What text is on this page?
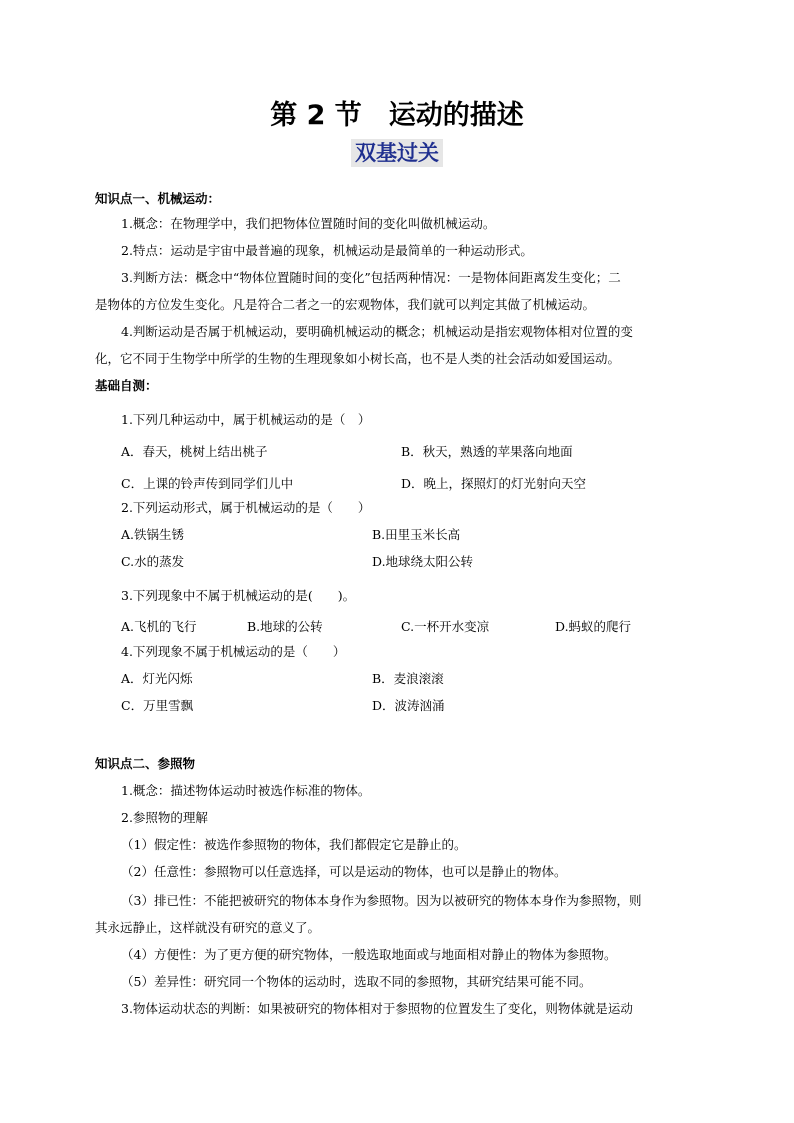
第 2 节　运动的描述
双基过关
知识点一、机械运动：
1.概念：在物理学中，我们把物体位置随时间的变化叫做机械运动。
2.特点：运动是宇宙中最普遍的现象，机械运动是最简单的一种运动形式。
3.判断方法：概念中“物体位置随时间的变化”包括两种情况：一是物体间距离发生变化；二
是物体的方位发生变化。凡是符合二者之一的宏观物体，我们就可以判定其做了机械运动。
4.判断运动是否属于机械运动，要明确机械运动的概念；机械运动是指宏观物体相对位置的变
化，它不同于生物学中所学的生物的生理现象如小树长高，也不是人类的社会活动如爱国运动。
基础自测：
1.下列几种运动中，属于机械运动的是（　）
A．春天，桃树上结出桃子	B．秋天，熟透的苹果落向地面
C．上课的铃声传到同学们儿中	D．晚上，探照灯的灯光射向天空
2.下列运动形式，属于机械运动的是（　　）
A.铁锅生锈	B.田里玉米长高
C.水的蒸发	D.地球绕太阳公转
3.下列现象中不属于机械运动的是(　　)。
A.飞机的飞行	B.地球的公转	C.一杯开水变凉	D.蚂蚁的爬行
4.下列现象不属于机械运动的是（　　）
A．灯光闪烁	B．麦浪滚滚
C．万里雪飘	D．波涛汹涌
知识点二、参照物
1.概念：描述物体运动时被选作标准的物体。
2.参照物的理解
（1）假定性：被选作参照物的物体，我们都假定它是静止的。
（2）任意性：参照物可以任意选择，可以是运动的物体，也可以是静止的物体。
（3）排已性：不能把被研究的物体本身作为参照物。因为以被研究的物体本身作为参照物，则
其永远静止，这样就没有研究的意义了。
（4）方便性：为了更方便的研究物体，一般选取地面或与地面相对静止的物体为参照物。
（5）差异性：研究同一个物体的运动时，选取不同的参照物，其研究结果可能不同。
3.物体运动状态的判断：如果被研究的物体相对于参照物的位置发生了变化，则物体就是运动
